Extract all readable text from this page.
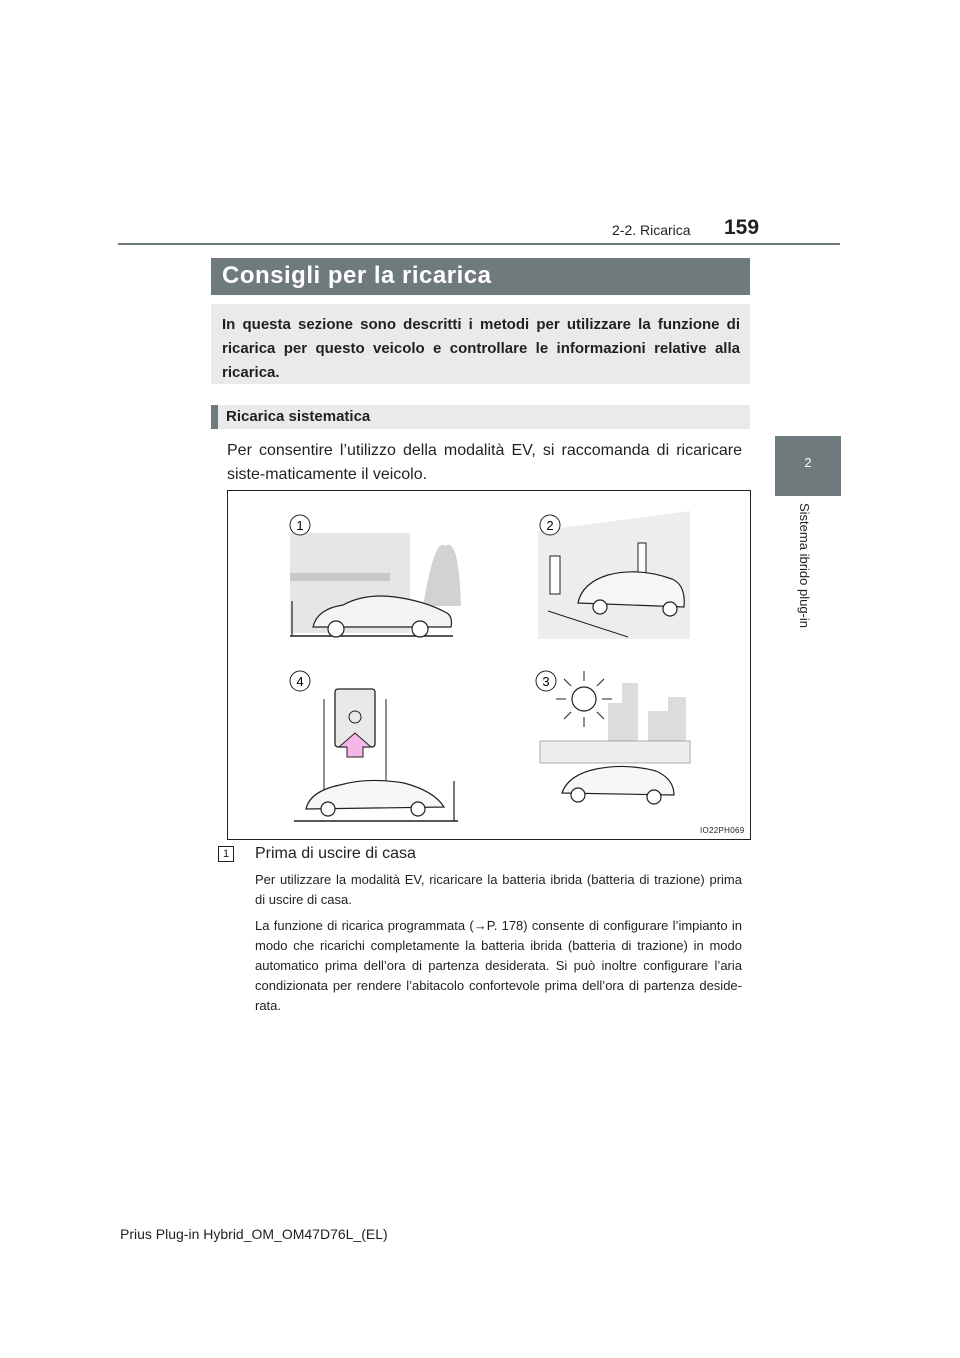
2-2. Ricarica 159
2
Sistema ibrido plug-in
Consigli per la ricarica
In questa sezione sono descritti i metodi per utilizzare la funzione di ricarica per questo veicolo e controllare le informazioni relative alla ricarica.
Ricarica sistematica
Per consentire l’utilizzo della modalità EV, si raccomanda di ricaricare siste-maticamente il veicolo.
1	2
3
4
IO22PH069
1	Prima di uscire di casa
Per utilizzare la modalità EV, ricaricare la batteria ibrida (batteria di trazione) prima di uscire di casa.
La funzione di ricarica programmata (→P. 178) consente di configurare l’impianto in modo che ricarichi completamente la batteria ibrida (batteria di trazione) in modo automatico prima dell’ora di partenza desiderata. Si può inoltre configurare l’aria condizionata per rendere l’abitacolo confortevole prima dell’ora di partenza deside-rata.
Prius Plug-in Hybrid_OM_OM47D76L_(EL)
